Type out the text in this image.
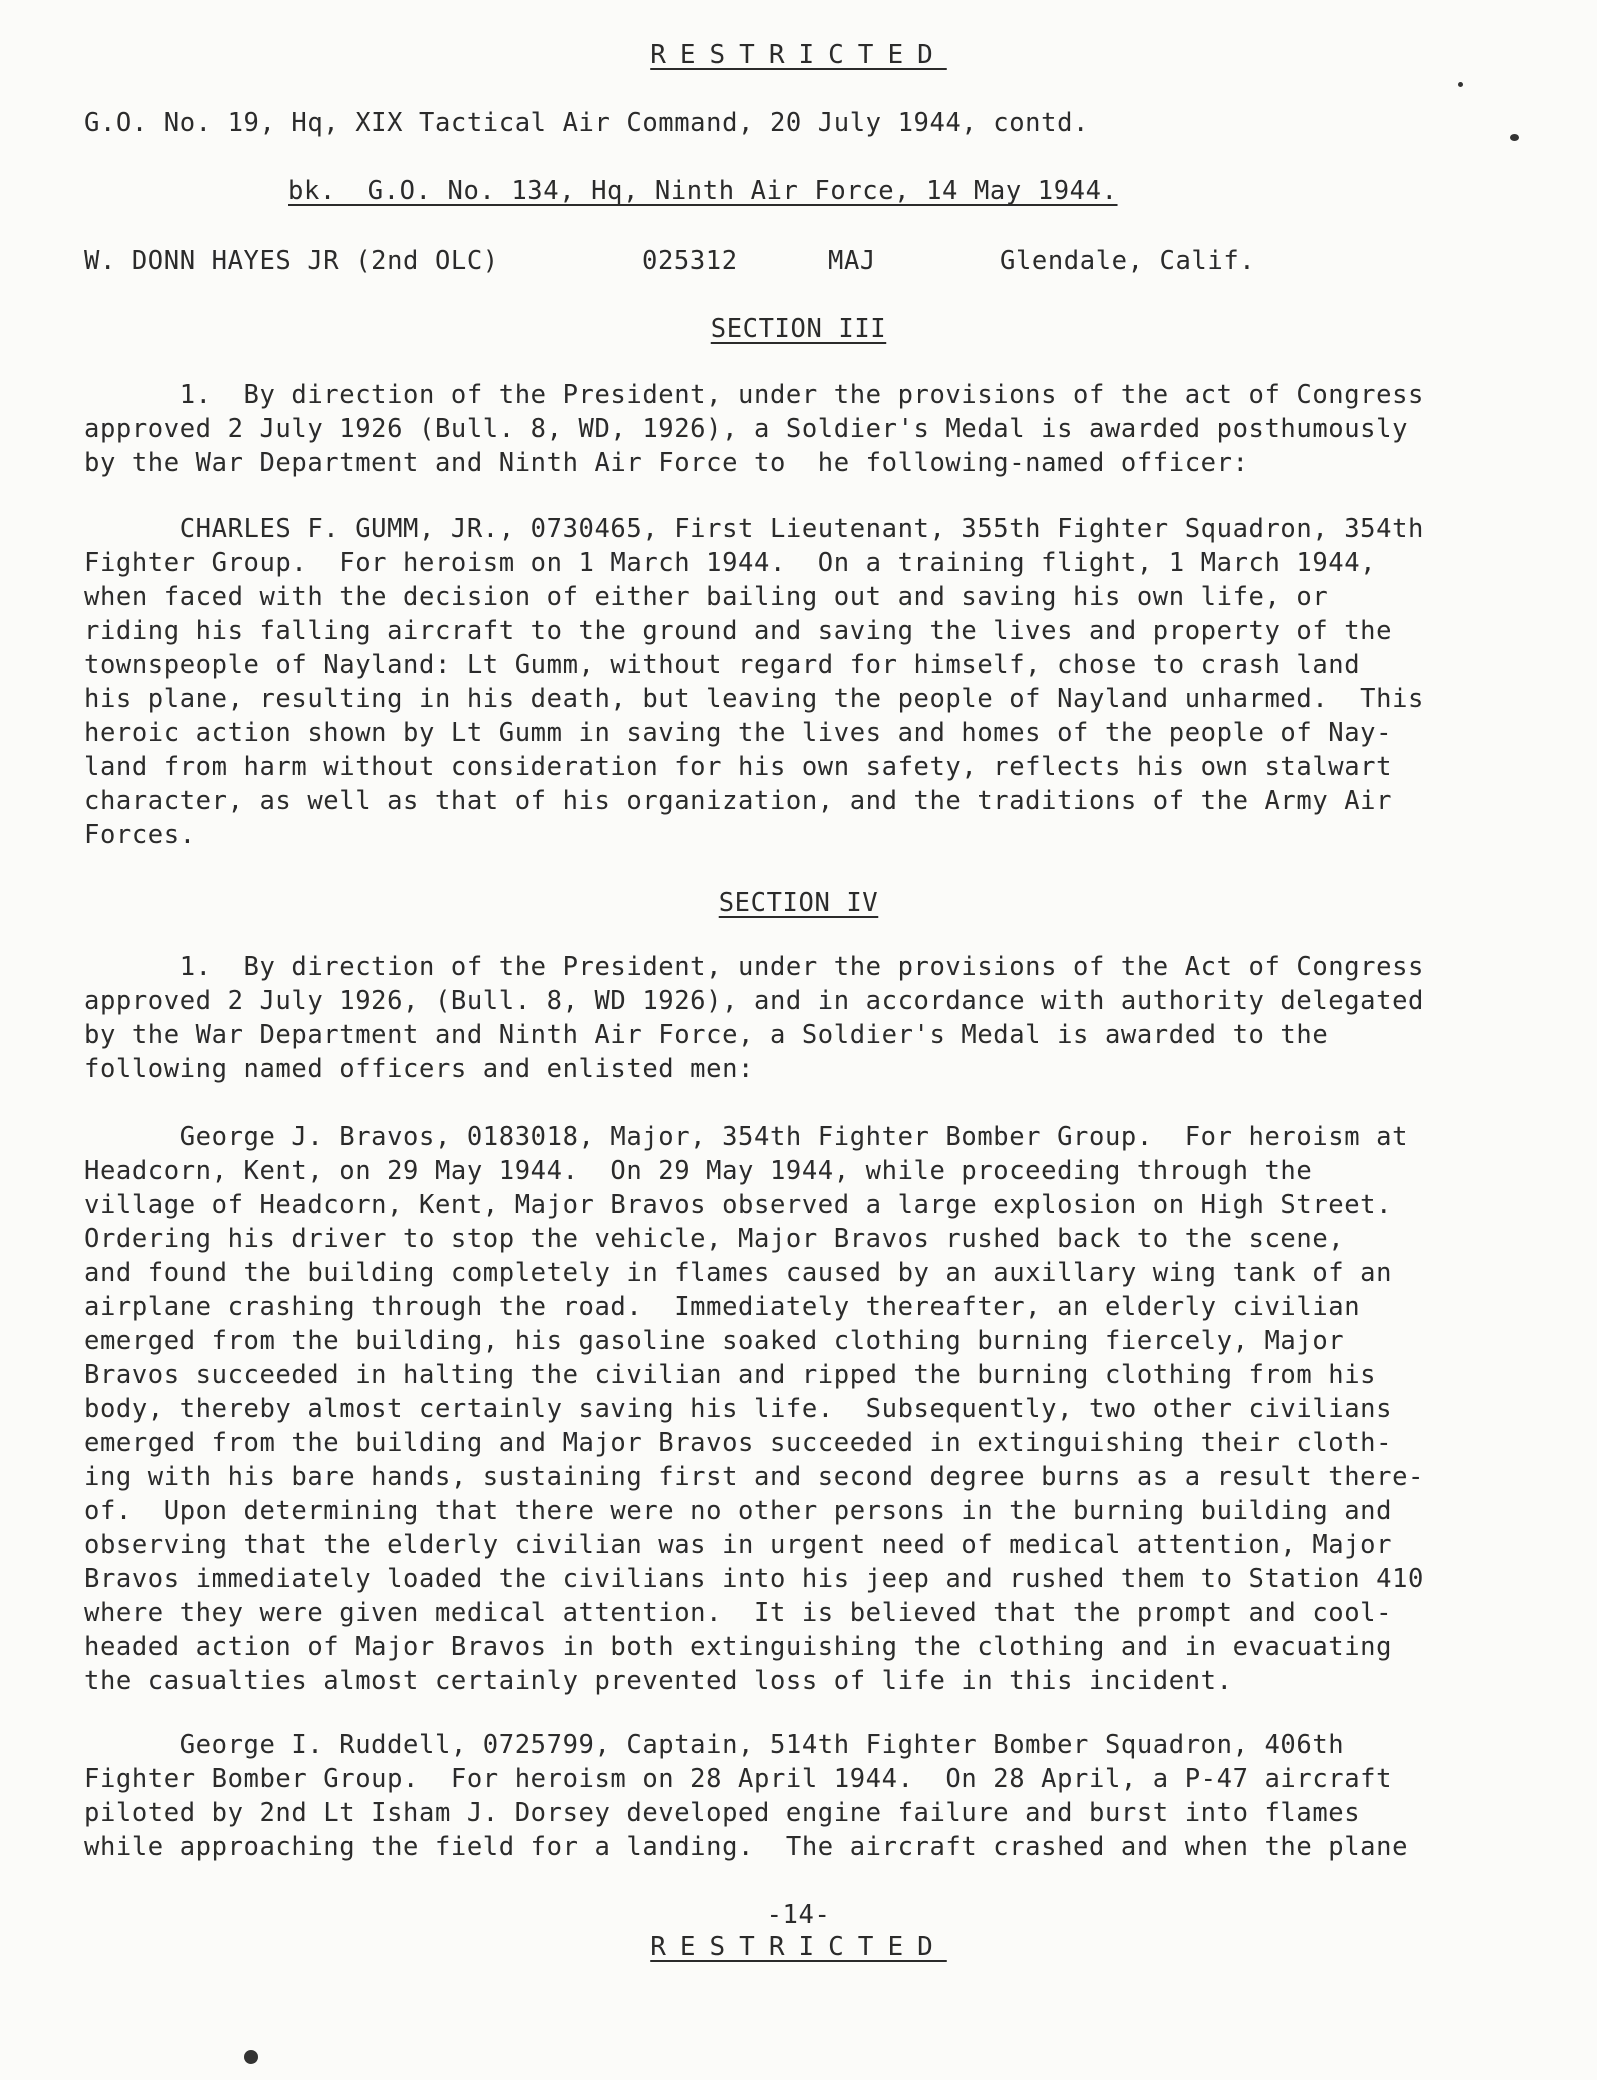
RESTRICTED
G.O. No. 19, Hq, XIX Tactical Air Command, 20 July 1944, contd.
bk.  G.O. No. 134, Hq, Ninth Air Force, 14 May 1944.
W. DONN HAYES JR (2nd OLC)	025312	MAJ	Glendale, Calif.
SECTION III
1.  By direction of the President, under the provisions of the act of Congress
approved 2 July 1926 (Bull. 8, WD, 1926), a Soldier's Medal is awarded posthumously
by the War Department and Ninth Air Force to  he following-named officer:
CHARLES F. GUMM, JR., 0730465, First Lieutenant, 355th Fighter Squadron, 354th
Fighter Group.  For heroism on 1 March 1944.  On a training flight, 1 March 1944,
when faced with the decision of either bailing out and saving his own life, or
riding his falling aircraft to the ground and saving the lives and property of the
townspeople of Nayland: Lt Gumm, without regard for himself, chose to crash land
his plane, resulting in his death, but leaving the people of Nayland unharmed.  This
heroic action shown by Lt Gumm in saving the lives and homes of the people of Nay-
land from harm without consideration for his own safety, reflects his own stalwart
character, as well as that of his organization, and the traditions of the Army Air
Forces.
SECTION IV
1.  By direction of the President, under the provisions of the Act of Congress
approved 2 July 1926, (Bull. 8, WD 1926), and in accordance with authority delegated
by the War Department and Ninth Air Force, a Soldier's Medal is awarded to the
following named officers and enlisted men:
George J. Bravos, 0183018, Major, 354th Fighter Bomber Group.  For heroism at
Headcorn, Kent, on 29 May 1944.  On 29 May 1944, while proceeding through the
village of Headcorn, Kent, Major Bravos observed a large explosion on High Street.
Ordering his driver to stop the vehicle, Major Bravos rushed back to the scene,
and found the building completely in flames caused by an auxillary wing tank of an
airplane crashing through the road.  Immediately thereafter, an elderly civilian
emerged from the building, his gasoline soaked clothing burning fiercely, Major
Bravos succeeded in halting the civilian and ripped the burning clothing from his
body, thereby almost certainly saving his life.  Subsequently, two other civilians
emerged from the building and Major Bravos succeeded in extinguishing their cloth-
ing with his bare hands, sustaining first and second degree burns as a result there-
of.  Upon determining that there were no other persons in the burning building and
observing that the elderly civilian was in urgent need of medical attention, Major
Bravos immediately loaded the civilians into his jeep and rushed them to Station 410
where they were given medical attention.  It is believed that the prompt and cool-
headed action of Major Bravos in both extinguishing the clothing and in evacuating
the casualties almost certainly prevented loss of life in this incident.
George I. Ruddell, 0725799, Captain, 514th Fighter Bomber Squadron, 406th
Fighter Bomber Group.  For heroism on 28 April 1944.  On 28 April, a P-47 aircraft
piloted by 2nd Lt Isham J. Dorsey developed engine failure and burst into flames
while approaching the field for a landing.  The aircraft crashed and when the plane
-14-
RESTRICTED
